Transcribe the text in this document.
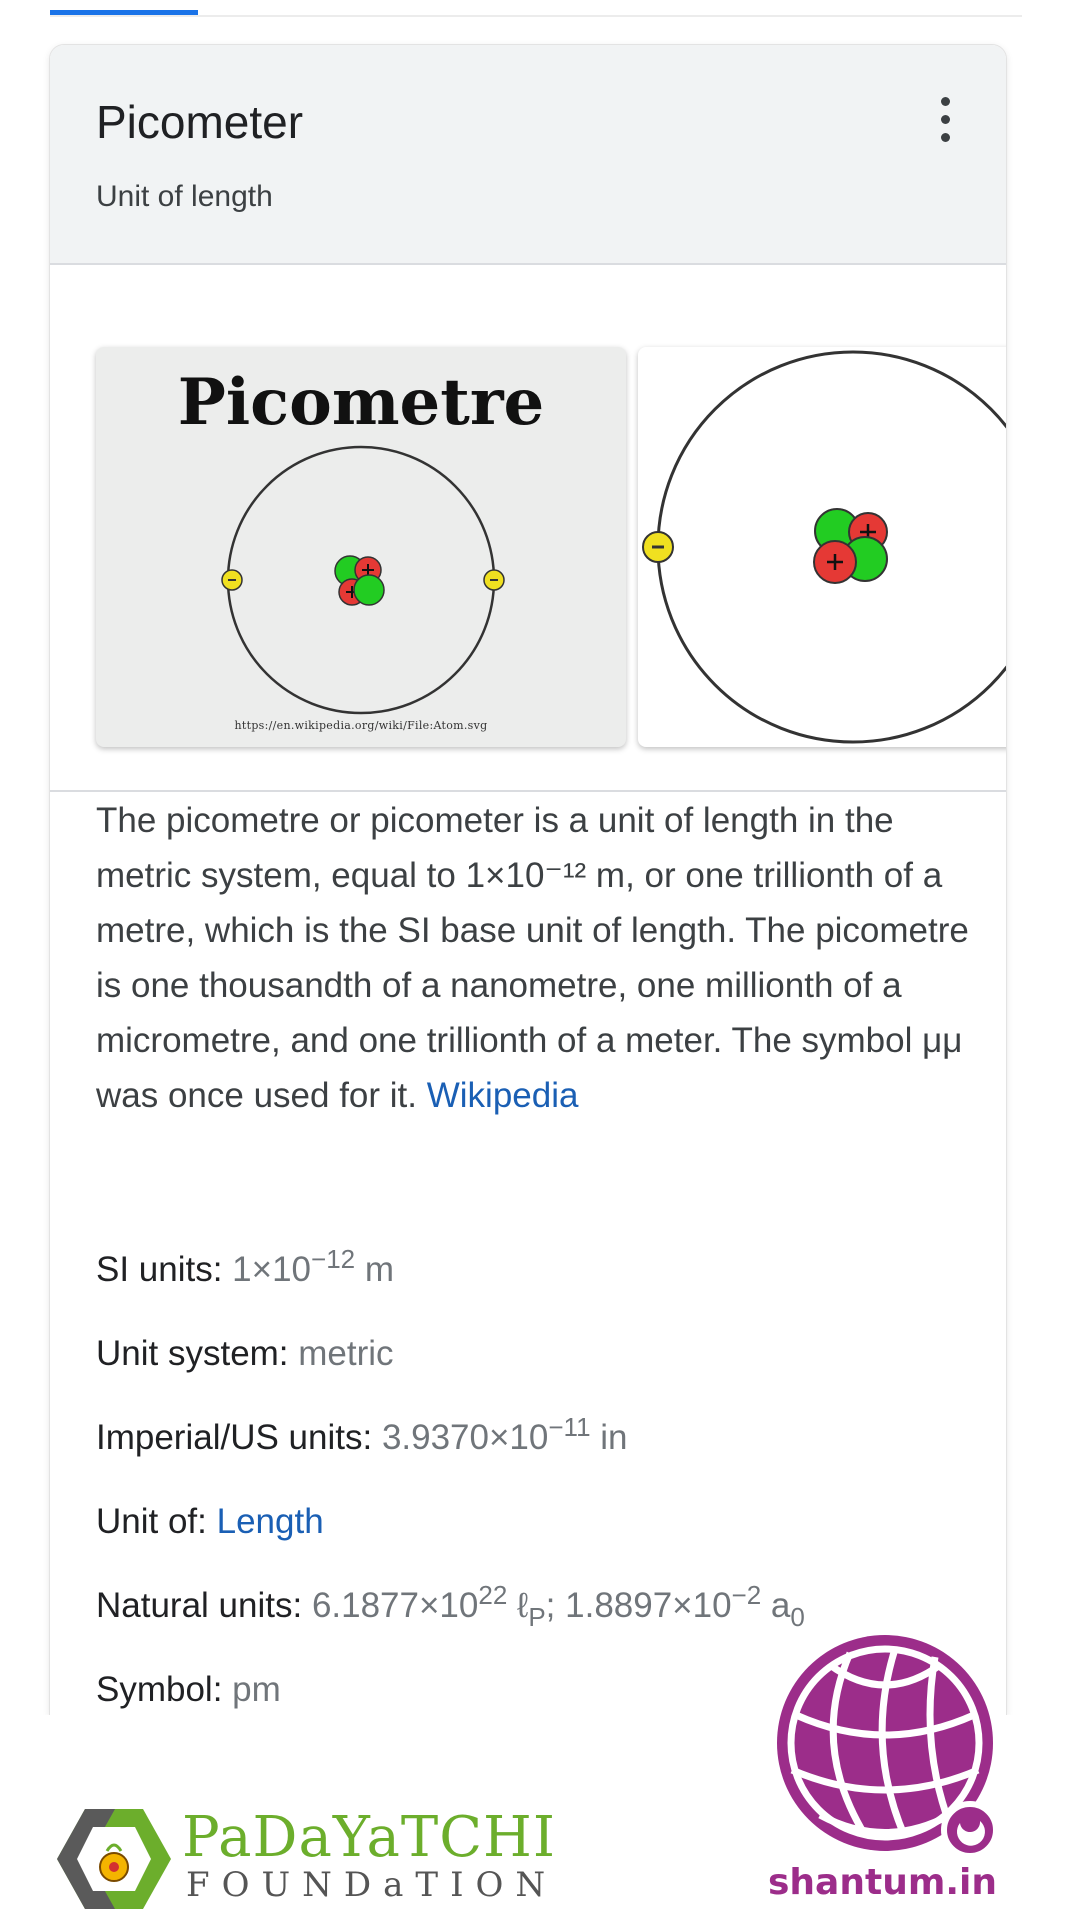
Picometer
Unit of length
Picometre
https://en.wikipedia.org/wiki/File:Atom.svg
The picometre or picometer is a unit of length in the metric system, equal to 1×10⁻¹² m, or one trillionth of a metre, which is the SI base unit of length. The picometre is one thousandth of a nanometre, one millionth of a micrometre, and one trillionth of a meter. The symbol μμ was once used for it. Wikipedia
SI units: $1\times 10^{-12}$ m
Unit system: metric
Imperial/US units: $3.9370\times 10^{-11}$ in
Unit of: Length
Natural units: $6.1877\times 10^{22}$ ℓ$_P$; $1.8897\times 10^{-2}$ $a_0$
Symbol: pm
PaDaYaTCHI
FOUNDaTION	shantum.in
